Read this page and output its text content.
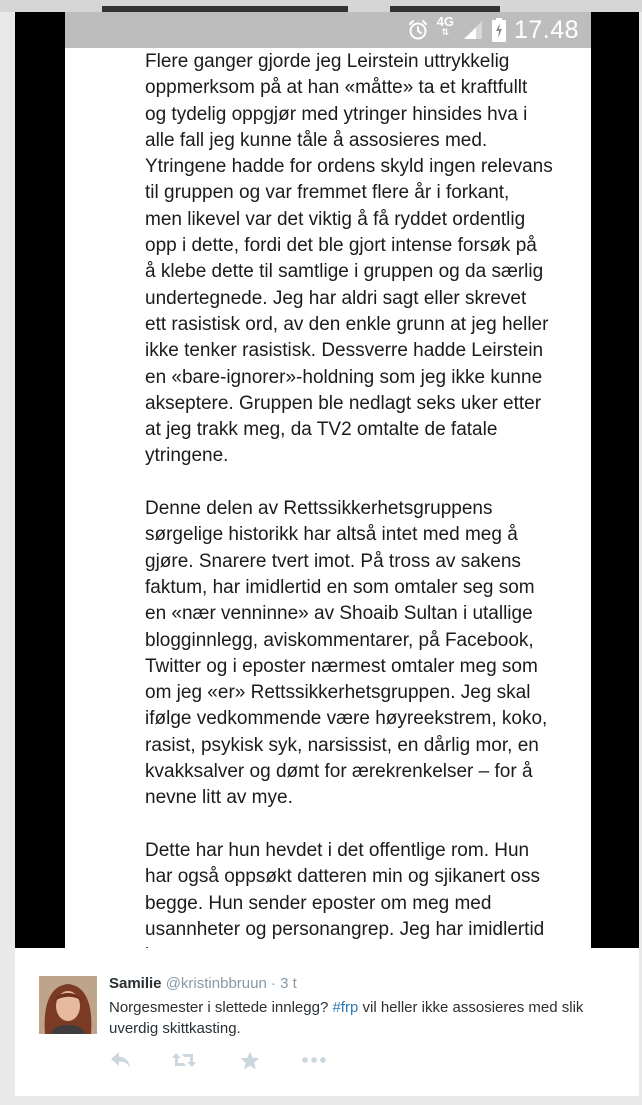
4G
⇅	17.48

Flere ganger gjorde jeg Leirstein uttrykkelig
oppmerksom på at han «måtte» ta et kraftfullt
og tydelig oppgjør med ytringer hinsides hva i
alle fall jeg kunne tåle å assosieres med.
Ytringene hadde for ordens skyld ingen relevans
til gruppen og var fremmet flere år i forkant,
men likevel var det viktig å få ryddet ordentlig
opp i dette, fordi det ble gjort intense forsøk på
å klebe dette til samtlige i gruppen og da særlig
undertegnede. Jeg har aldri sagt eller skrevet
ett rasistisk ord, av den enkle grunn at jeg heller
ikke tenker rasistisk. Dessverre hadde Leirstein
en «bare-ignorer»-holdning som jeg ikke kunne
akseptere. Gruppen ble nedlagt seks uker etter
at jeg trakk meg, da TV2 omtalte de fatale
ytringene.

Denne delen av Rettssikkerhetsgruppens
sørgelige historikk har altså intet med meg å
gjøre. Snarere tvert imot. På tross av sakens
faktum, har imidlertid en som omtaler seg som
en «nær venninne» av Shoaib Sultan i utallige
blogginnlegg, aviskommentarer, på Facebook,
Twitter og i eposter nærmest omtaler meg som
om jeg «er» Rettssikkerhetsgruppen. Jeg skal
ifølge vedkommende være høyreekstrem, koko,
rasist, psykisk syk, narsissist, en dårlig mor, en
kvakksalver og dømt for ærekrenkelser – for å
nevne litt av mye.

Dette har hun hevdet i det offentlige rom. Hun
har også oppsøkt datteren min og sjikanert oss
begge. Hun sender eposter om meg med
usannheter og personangrep. Jeg har imidlertid

Samilie @kristinbbruun · 3 t
Norgesmester i slettede innlegg? #frp vil heller ikke assosieres med slik uverdig skittkasting.
